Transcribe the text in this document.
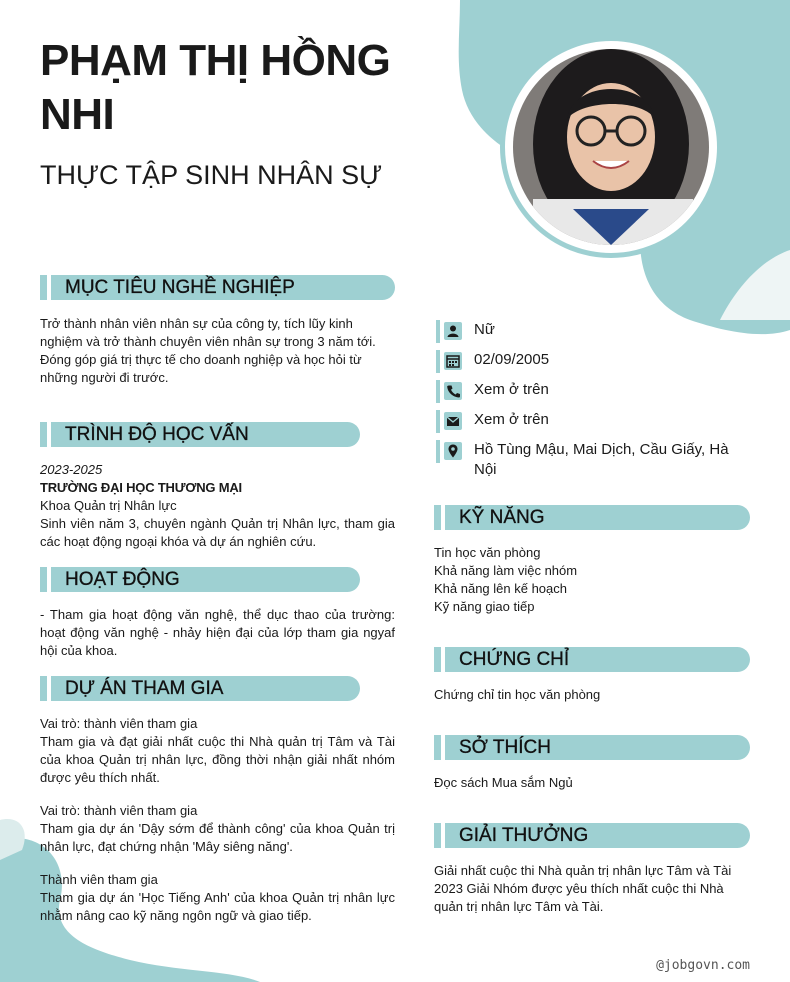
PHẠM THỊ HỒNG NHI
THỰC TẬP SINH NHÂN SỰ
MỤC TIÊU NGHỀ NGHIỆP
Trở thành nhân viên nhân sự của công ty, tích lũy kinh nghiệm và trở thành chuyên viên nhân sự trong 3 năm tới. Đóng góp giá trị thực tế cho doanh nghiệp và học hỏi từ những người đi trước.
TRÌNH ĐỘ HỌC VẤN
2023-2025
TRƯỜNG ĐẠI HỌC THƯƠNG MẠI
Khoa Quản trị Nhân lực
Sinh viên năm 3, chuyên ngành Quản trị Nhân lực, tham gia các hoạt động ngoại khóa và dự án nghiên cứu.
HOẠT ĐỘNG
- Tham gia hoạt động văn nghệ, thể dục thao của trường: hoạt động văn nghệ - nhảy hiện đại của lớp tham gia ngyaf hội của khoa.
DỰ ÁN THAM GIA
Vai trò: thành viên tham gia
Tham gia và đạt giải nhất cuộc thi Nhà quản trị Tâm và Tài của khoa Quản trị nhân lực, đồng thời nhận giải nhất nhóm được yêu thích nhất.
Vai trò: thành viên tham gia
Tham gia dự án 'Dậy sớm để thành công' của khoa Quản trị nhân lực, đạt chứng nhận 'Mây siêng năng'.
Thành viên tham gia
Tham gia dự án 'Học Tiếng Anh' của khoa Quản trị nhân lực nhằm nâng cao kỹ năng ngôn ngữ và giao tiếp.
Nữ
02/09/2005
Xem ở trên
Xem ở trên
Hồ Tùng Mậu, Mai Dịch, Cầu Giấy, Hà Nội
KỸ NĂNG
Tin học văn phòng
Khả năng làm việc nhóm
Khả năng lên kế hoạch
Kỹ năng giao tiếp
CHỨNG CHỈ
Chứng chỉ tin học văn phòng
SỞ THÍCH
Đọc sách Mua sắm Ngủ
GIẢI THƯỞNG
Giải nhất cuộc thi Nhà quản trị nhân lực Tâm và Tài 2023 Giải Nhóm được yêu thích nhất cuộc thi Nhà quản trị nhân lực Tâm và Tài.
@jobgovn.com
